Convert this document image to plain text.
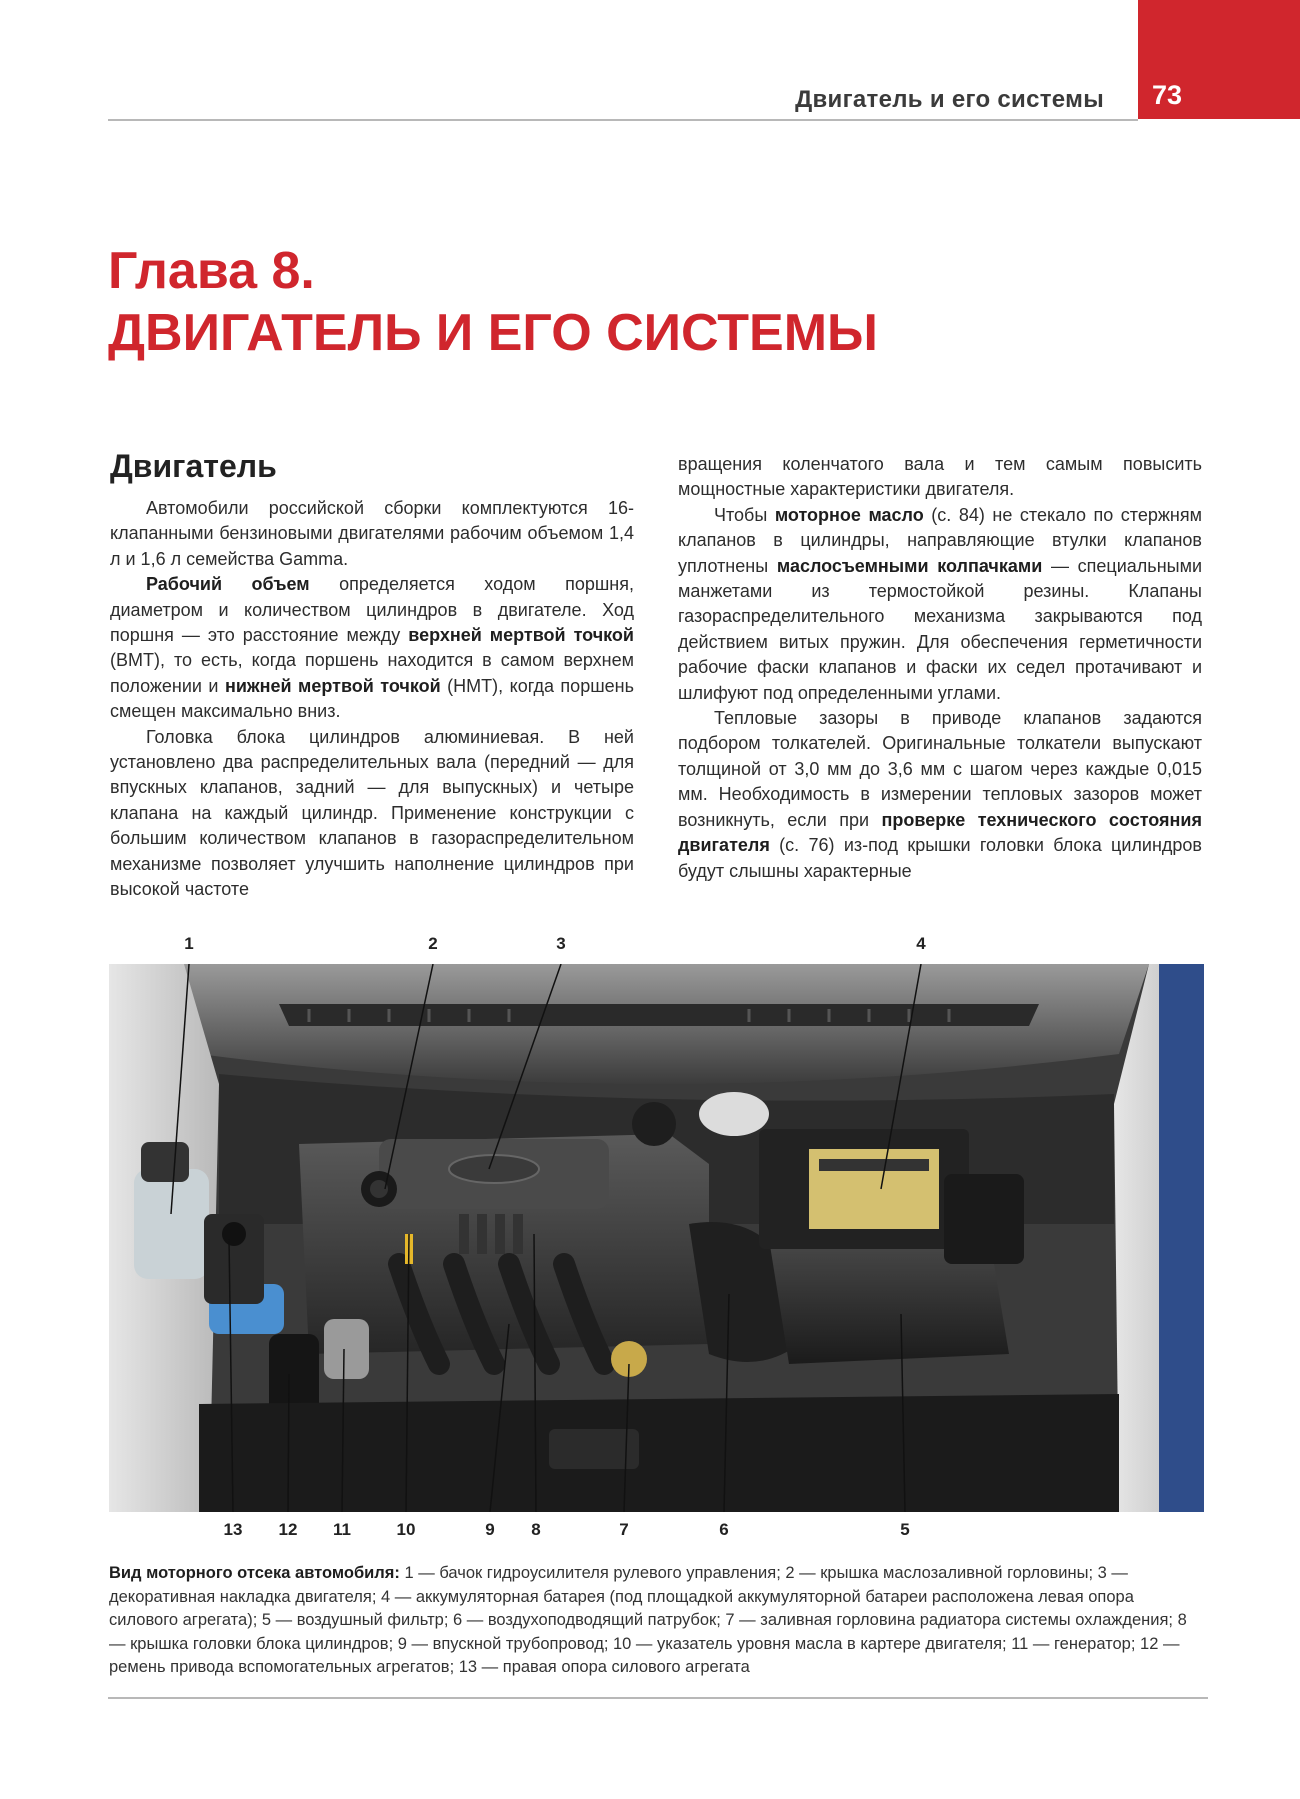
Двигатель и его системы 73
Глава 8.
ДВИГАТЕЛЬ И ЕГО СИСТЕМЫ
Двигатель

Автомобили российской сборки комплектуются 16-клапанными бензиновыми двигателями рабочим объемом 1,4 л и 1,6 л семейства Gamma.

Рабочий объем определяется ходом поршня, диаметром и количеством цилиндров в двигателе. Ход поршня — это расстояние между верхней мертвой точкой (ВМТ), то есть, когда поршень находится в самом верхнем положении и нижней мертвой точкой (НМТ), когда поршень смещен максимально вниз.

Головка блока цилиндров алюминиевая. В ней установлено два распределительных вала (передний — для впускных клапанов, задний — для выпускных) и четыре клапана на каждый цилиндр. Применение конструкции с большим количеством клапанов в газораспределительном механизме позволяет улучшить наполнение цилиндров при высокой частоте

вращения коленчатого вала и тем самым повысить мощностные характеристики двигателя.

Чтобы моторное масло (с. 84) не стекало по стержням клапанов в цилиндры, направляющие втулки клапанов уплотнены маслосъемными колпачками — специальными манжетами из термостойкой резины. Клапаны газораспределительного механизма закрываются под действием витых пружин. Для обеспечения герметичности рабочие фаски клапанов и фаски их седел протачивают и шлифуют под определенными углами.

Тепловые зазоры в приводе клапанов задаются подбором толкателей. Оригинальные толкатели выпускают толщиной от 3,0 мм до 3,6 мм с шагом через каждые 0,015 мм. Необходимость в измерении тепловых зазоров может возникнуть, если при проверке технического состояния двигателя (с. 76) из-под крышки головки блока цилиндров будут слышны характерные

1	2	3	4
13 12 11	10	9 8	7	6	5

Вид моторного отсека автомобиля: 1 — бачок гидроусилителя рулевого управления; 2 — крышка маслозаливной горловины; 3 — декоративная накладка двигателя; 4 — аккумуляторная батарея (под площадкой аккумуляторной батареи расположена левая опора силового агрегата); 5 — воздушный фильтр; 6 — воздухоподводящий патрубок; 7 — заливная горловина радиатора системы охлаждения; 8 — крышка головки блока цилиндров; 9 — впускной трубопровод; 10 — указатель уровня масла в картере двигателя; 11 — генератор; 12 — ремень привода вспомогательных агрегатов; 13 — правая опора силового агрегата
